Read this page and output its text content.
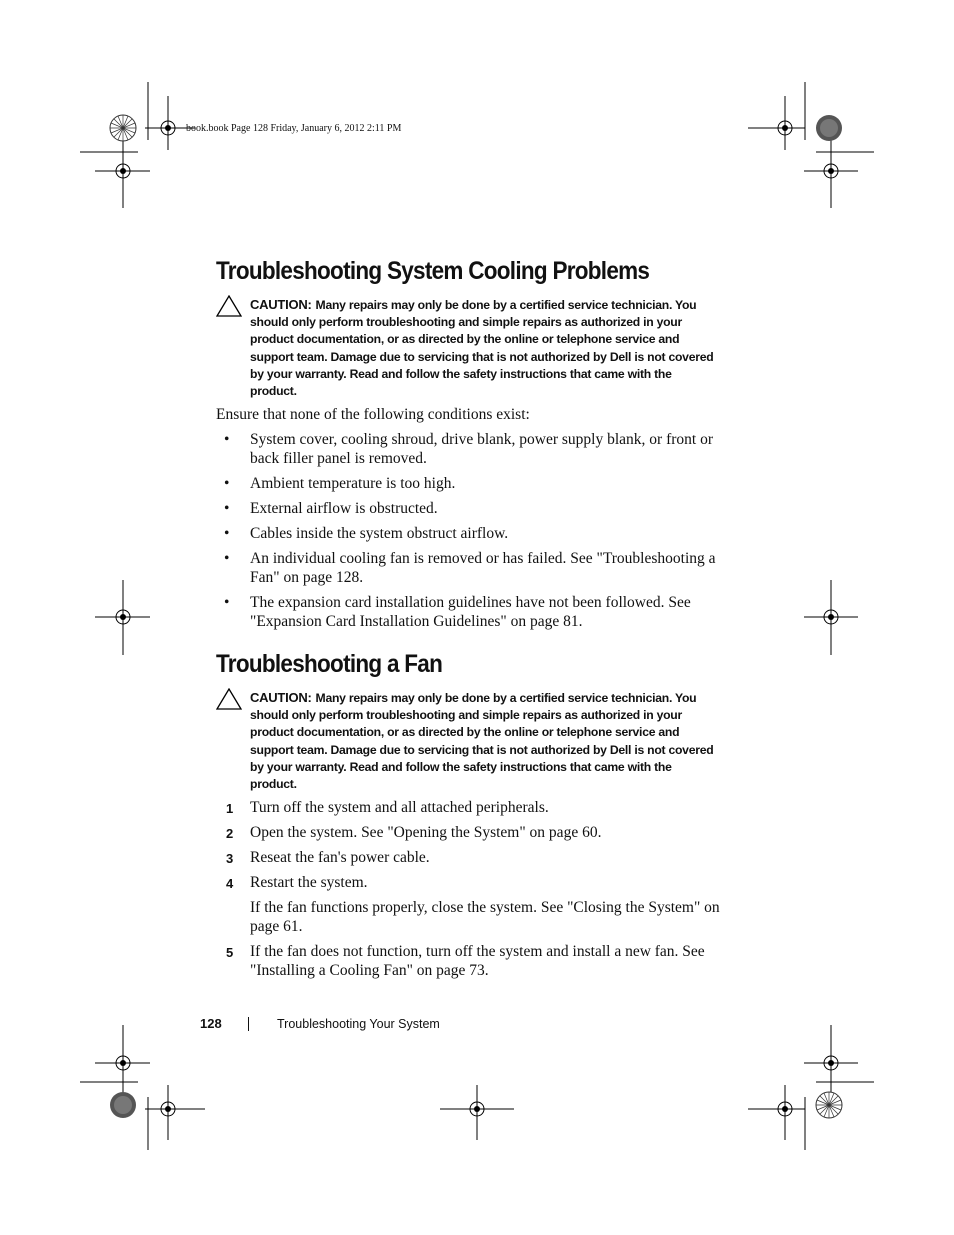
book.book Page 128 Friday, January 6, 2012 2:11 PM
Troubleshooting System Cooling Problems
CAUTION: Many repairs may only be done by a certified service technician. You should only perform troubleshooting and simple repairs as authorized in your product documentation, or as directed by the online or telephone service and support team. Damage due to servicing that is not authorized by Dell is not covered by your warranty. Read and follow the safety instructions that came with the product.
Ensure that none of the following conditions exist:
• System cover, cooling shroud, drive blank, power supply blank, or front or back filler panel is removed.
• Ambient temperature is too high.
• External airflow is obstructed.
• Cables inside the system obstruct airflow.
• An individual cooling fan is removed or has failed. See "Troubleshooting a Fan" on page 128.
• The expansion card installation guidelines have not been followed. See "Expansion Card Installation Guidelines" on page 81.
Troubleshooting a Fan
CAUTION: Many repairs may only be done by a certified service technician. You should only perform troubleshooting and simple repairs as authorized in your product documentation, or as directed by the online or telephone service and support team. Damage due to servicing that is not authorized by Dell is not covered by your warranty. Read and follow the safety instructions that came with the product.
1 Turn off the system and all attached peripherals.
2 Open the system. See "Opening the System" on page 60.
3 Reseat the fan's power cable.
4 Restart the system.
If the fan functions properly, close the system. See "Closing the System" on page 61.
5 If the fan does not function, turn off the system and install a new fan. See "Installing a Cooling Fan" on page 73.
128	Troubleshooting Your System
